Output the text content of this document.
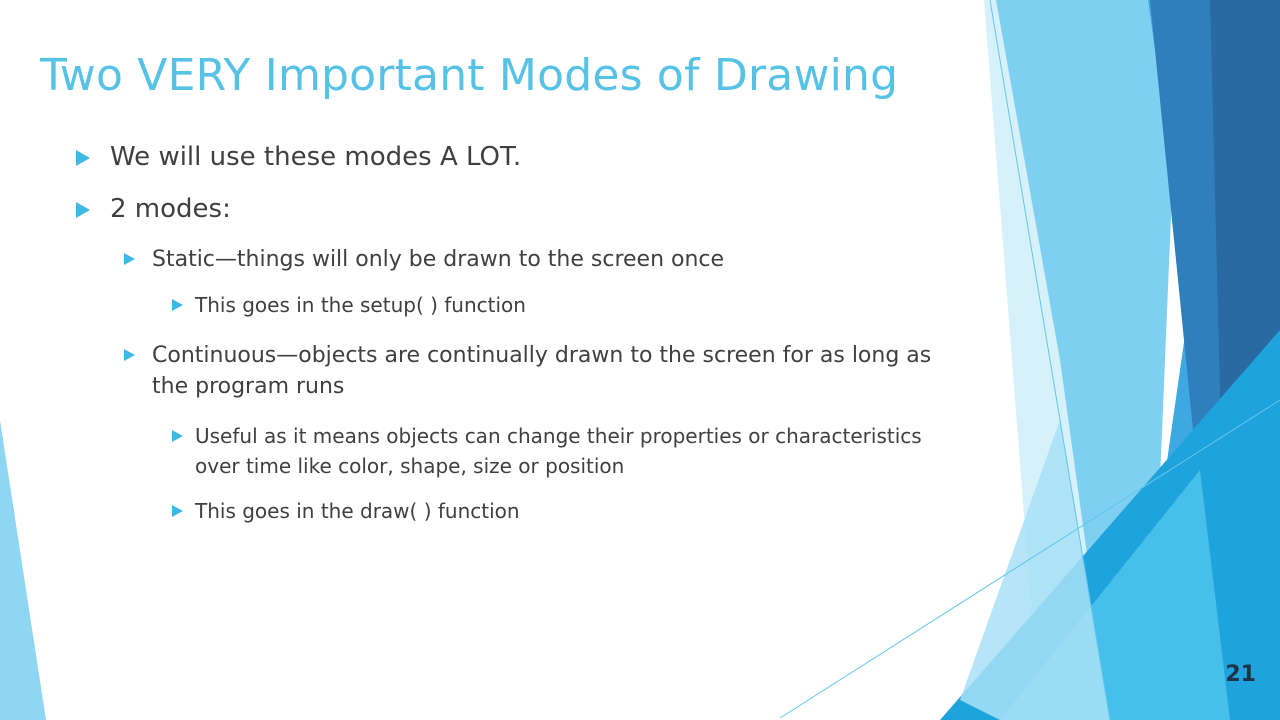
Two VERY Important Modes of Drawing
We will use these modes A LOT.
2 modes:
Static—things will only be drawn to the screen once
This goes in the setup( ) function
Continuous—objects are continually drawn to the screen for as long as the program runs
Useful as it means objects can change their properties or characteristics over time like color, shape, size or position
This goes in the draw( ) function
21
